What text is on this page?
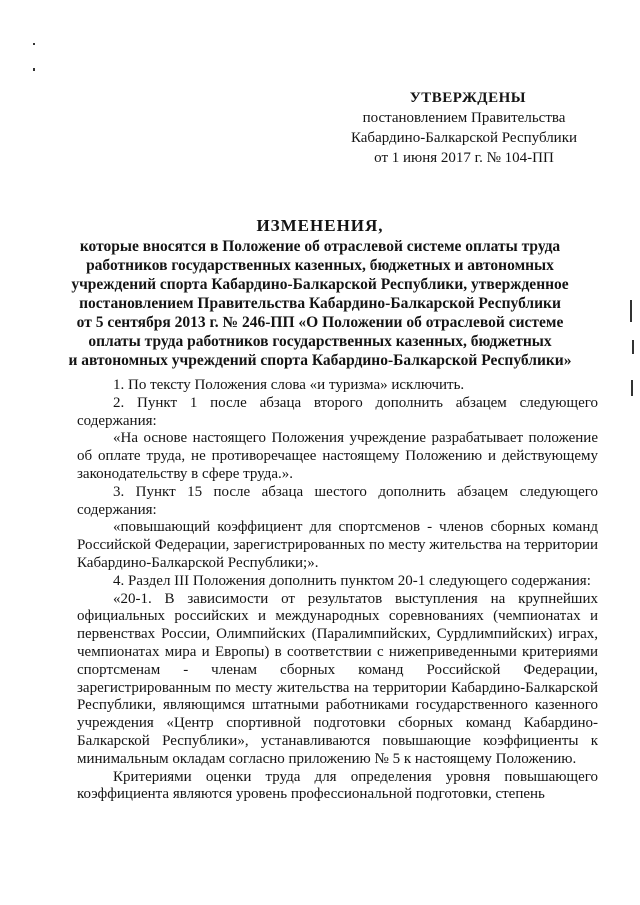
УТВЕРЖДЕНЫ
постановлением Правительства
Кабардино-Балкарской Республики
от 1 июня 2017 г. № 104-ПП
ИЗМЕНЕНИЯ,
которые вносятся в Положение об отраслевой системе оплаты труда
работников государственных казенных, бюджетных и автономных
учреждений спорта Кабардино-Балкарской Республики, утвержденное
постановлением Правительства Кабардино-Балкарской Республики
от 5 сентября 2013 г. № 246-ПП «О Положении об отраслевой системе
оплаты труда работников государственных казенных, бюджетных
и автономных учреждений спорта Кабардино-Балкарской Республики»

1. По тексту Положения слова «и туризма» исключить.

2. Пункт 1 после абзаца второго дополнить абзацем следующего содержания:

«На основе настоящего Положения учреждение разрабатывает положение об оплате труда, не противоречащее настоящему Положению и действующему законодательству в сфере труда.».

3. Пункт 15 после абзаца шестого дополнить абзацем следующего содержания:

«повышающий коэффициент для спортсменов - членов сборных команд Российской Федерации, зарегистрированных по месту жительства на территории Кабардино-Балкарской Республики;».

4. Раздел III Положения дополнить пунктом 20-1 следующего содержания:

«20-1. В зависимости от результатов выступления на крупнейших официальных российских и международных соревнованиях (чемпионатах и первенствах России, Олимпийских (Паралимпийских, Сурдлимпийских) играх, чемпионатах мира и Европы) в соответствии с нижеприведенными критериями спортсменам - членам сборных команд Российской Федерации, зарегистрированным по месту жительства на территории Кабардино-Балкарской Республики, являющимся штатными работниками государственного казенного учреждения «Центр спортивной подготовки сборных команд Кабардино-Балкарской Республики», устанавливаются повышающие коэффициенты к минимальным окладам согласно приложению № 5 к настоящему Положению.

Критериями оценки труда для определения уровня повышающего коэффициента являются уровень профессиональной подготовки, степень
